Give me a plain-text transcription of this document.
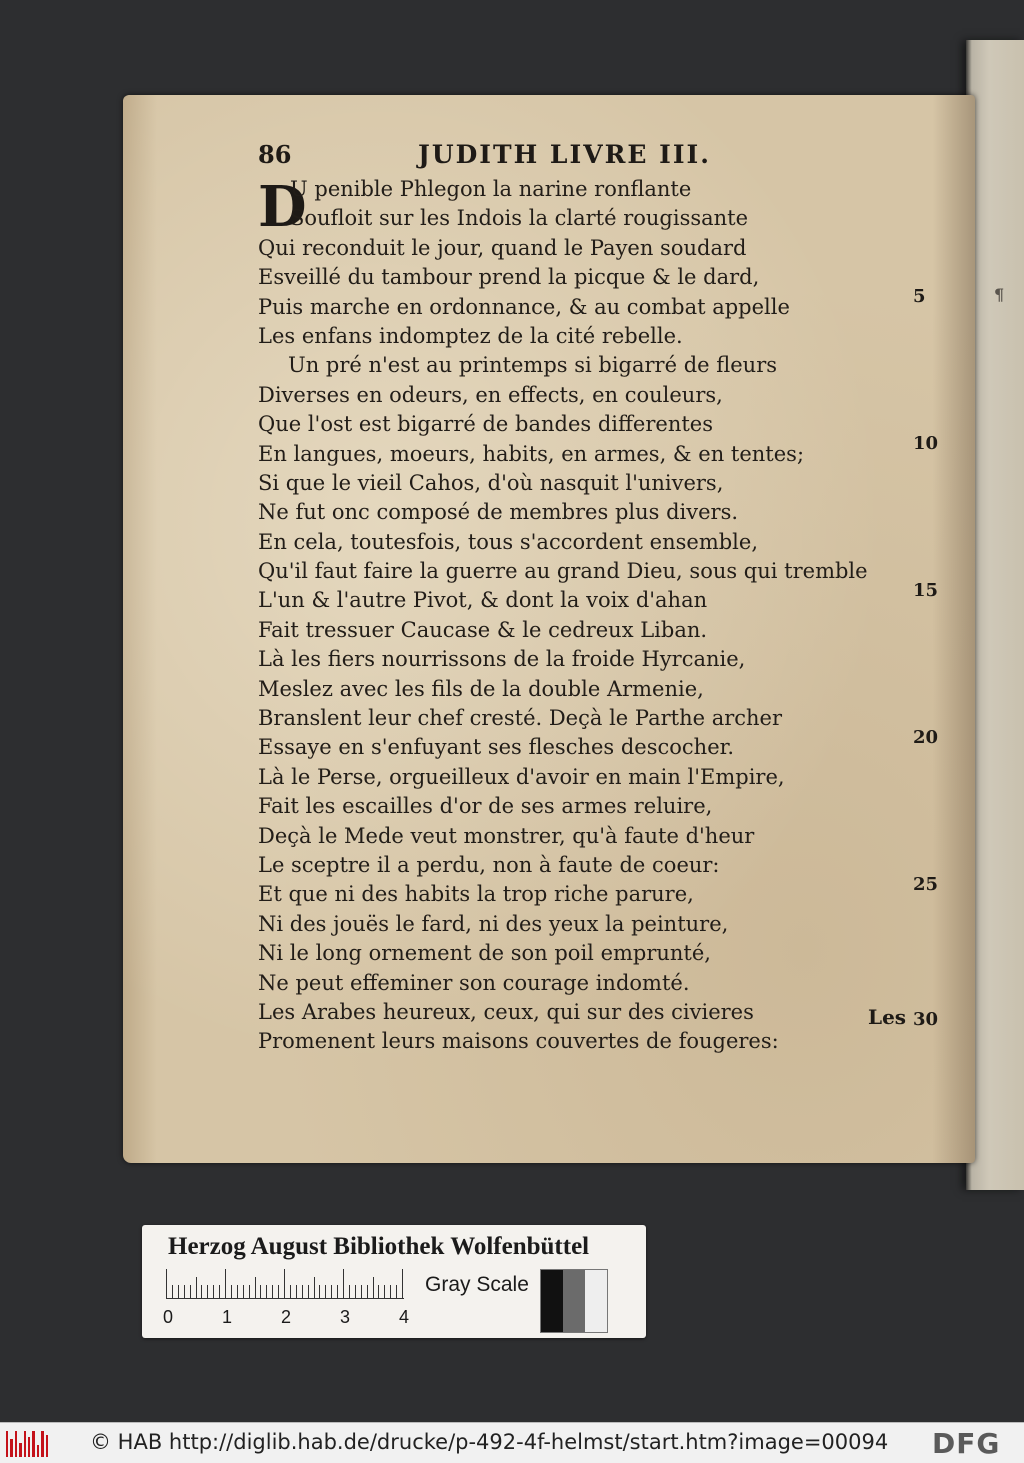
¶
86	JUDITH LIVRE III.
D
U penible Phlegon la narine ronflante
Soufloit sur les Indois la clarté rougissante
Qui reconduit le jour, quand le Payen soudard
Esveillé du tambour prend la picque & le dard,
Puis marche en ordonnance, & au combat appelle
Les enfans indomptez de la cité rebelle.
Un pré n'est au printemps si bigarré de fleurs
Diverses en odeurs, en effects, en couleurs,
Que l'ost est bigarré de bandes differentes
En langues, moeurs, habits, en armes, & en tentes;
Si que le vieil Cahos, d'où nasquit l'univers,
Ne fut onc composé de membres plus divers.
En cela, toutesfois, tous s'accordent ensemble,
Qu'il faut faire la guerre au grand Dieu, sous qui tremble
L'un & l'autre Pivot, & dont la voix d'ahan
Fait tressuer Caucase & le cedreux Liban.
Là les fiers nourrissons de la froide Hyrcanie,
Meslez avec les fils de la double Armenie,
Branslent leur chef cresté. Deçà le Parthe archer
Essaye en s'enfuyant ses flesches descocher.
Là le Perse, orgueilleux d'avoir en main l'Empire,
Fait les escailles d'or de ses armes reluire,
Deçà le Mede veut monstrer, qu'à faute d'heur
Le sceptre il a perdu, non à faute de coeur:
Et que ni des habits la trop riche parure,
Ni des jouës le fard, ni des yeux la peinture,
Ni le long ornement de son poil emprunté,
Ne peut effeminer son courage indomté.
Les Arabes heureux, ceux, qui sur des civieres
Promenent leurs maisons couvertes de fougeres:
5
10
15
20
25
30
Les
Herzog August Bibliothek Wolfenbüttel
0	1	2	3	4
Gray Scale
© HAB http://diglib.hab.de/drucke/p-492-4f-helmst/start.htm?image=00094 DFG
